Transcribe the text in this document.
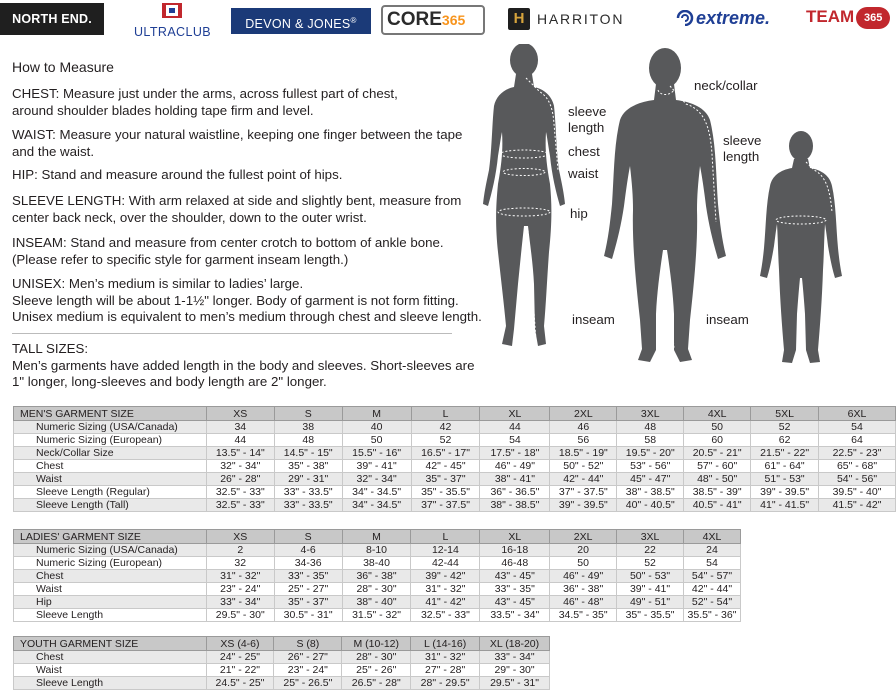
NORTH END.
ULTRACLUB
DEVON & JONES®	CORE365	H HARRITON	extreme.	TEAM 365
How to Measure
CHEST: Measure just under the arms, across fullest part of chest,
around shoulder blades holding tape firm and level.
WAIST: Measure your natural waistline, keeping one finger between the tape
and the waist.
HIP: Stand and measure around the fullest point of hips.
SLEEVE LENGTH: With arm relaxed at side and slightly bent, measure from
center back neck, over the shoulder, down to the outer wrist.
INSEAM: Stand and measure from center crotch to bottom of ankle bone.
(Please refer to specific style for garment inseam length.)
UNISEX: Men’s medium is similar to ladies’ large.
Sleeve length will be about 1-1½" longer. Body of garment is not form fitting.
Unisex medium is equivalent to men’s medium through chest and sleeve length.
TALL SIZES:
Men’s garments have added length in the body and sleeves. Short-sleeves are
1" longer, long-sleeves and body length are 2" longer.
sleeve
length
chest
waist
hip
inseam
neck/collar
sleeve
length
inseam
MEN'S GARMENT SIZE	XS	S	M	L	XL	2XL	3XL	4XL	5XL	6XL
Numeric Sizing (USA/Canada)	34	38	40	42	44	46	48	50	52	54
Numeric Sizing (European)	44	48	50	52	54	56	58	60	62	64
Neck/Collar Size	13.5" - 14"	14.5" - 15"	15.5" - 16"	16.5" - 17"	17.5" - 18"	18.5" - 19"	19.5" - 20"	20.5" - 21"	21.5" - 22"	22.5" - 23"
Chest	32" - 34"	35" - 38"	39" - 41"	42" - 45"	46" - 49"	50" - 52"	53" - 56"	57" - 60"	61" - 64"	65" - 68"
Waist	26" - 28"	29" - 31"	32" - 34"	35" - 37"	38" - 41"	42" - 44"	45" - 47"	48" - 50"	51" - 53"	54" - 56"
Sleeve Length (Regular)	32.5" - 33"	33" - 33.5"	34" - 34.5"	35" - 35.5"	36" - 36.5"	37" - 37.5"	38" - 38.5"	38.5" - 39"	39" - 39.5"	39.5" - 40"
Sleeve Length (Tall)	32.5" - 33"	33" - 33.5"	34" - 34.5"	37" - 37.5"	38" - 38.5"	39" - 39.5"	40" - 40.5"	40.5" - 41"	41" - 41.5"	41.5" - 42"
LADIES' GARMENT SIZE	XS	S	M	L	XL	2XL	3XL	4XL
Numeric Sizing (USA/Canada)	2	4-6	8-10	12-14	16-18	20	22	24
Numeric Sizing (European)	32	34-36	38-40	42-44	46-48	50	52	54
Chest	31" - 32"	33" - 35"	36" - 38"	39" - 42"	43" - 45"	46" - 49"	50" - 53"	54" - 57"
Waist	23" - 24"	25" - 27"	28" - 30"	31" - 32"	33" - 35"	36" - 38"	39" - 41"	42" - 44"
Hip	33" - 34"	35" - 37"	38" - 40"	41" - 42"	43" - 45"	46" - 48"	49" - 51"	52" - 54"
Sleeve Length	29.5" - 30"	30.5" - 31"	31.5" - 32"	32.5" - 33"	33.5" - 34"	34.5" - 35"	35" - 35.5"	35.5" - 36"
YOUTH GARMENT SIZE	XS (4-6)	S (8)	M (10-12)	L (14-16)	XL (18-20)
Chest	24" - 25"	26" - 27"	28" - 30"	31" - 32"	33" - 34"
Waist	21" - 22"	23" - 24"	25" - 26"	27" - 28"	29" - 30"
Sleeve Length	24.5" - 25"	25" - 26.5"	26.5" - 28"	28" - 29.5"	29.5" - 31"
